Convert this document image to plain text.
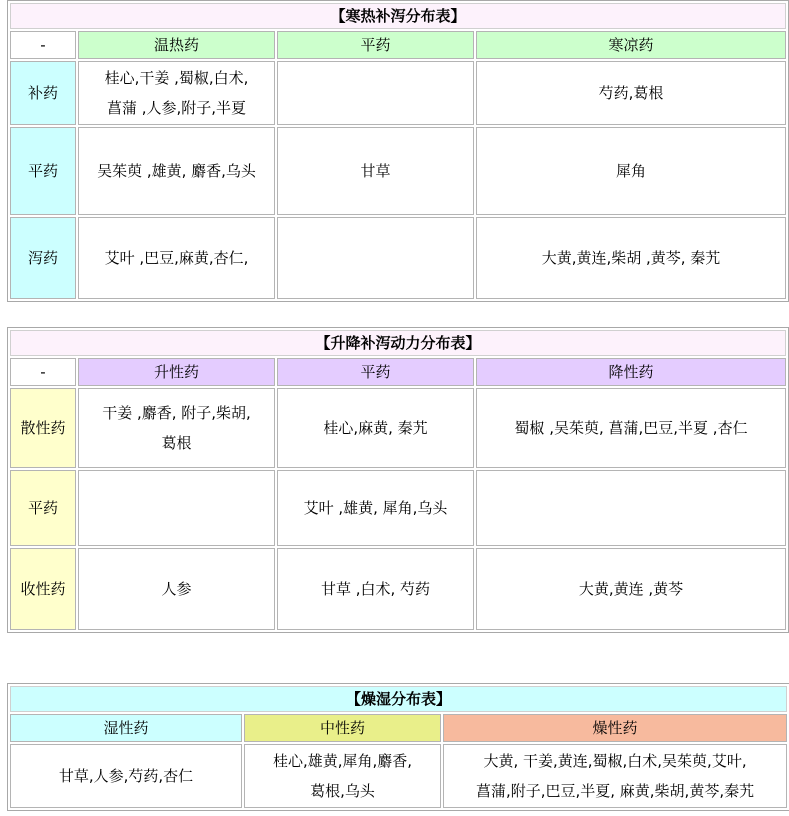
【寒热补泻分布表】			
-	温热药	平药	寒凉药
补药	桂心,干姜 ,蜀椒,白术,
菖蒲 ,人参,附子,半夏		芍药,葛根
平药	吴茱萸 ,雄黄, 麝香,乌头	甘草	犀角
泻药	艾叶 ,巴豆,麻黄,杏仁,		大黄,黄连,柴胡 ,黄芩, 秦艽
【升降补泻动力分布表】			
-	升性药	平药	降性药
散性药	干姜 ,麝香, 附子,柴胡,
葛根	桂心,麻黄, 秦艽	蜀椒 ,吴茱萸, 菖蒲,巴豆,半夏 ,杏仁
平药		艾叶 ,雄黄, 犀角,乌头	
收性药	人参	甘草 ,白术, 芍药	大黄,黄连 ,黄芩
【燥湿分布表】		
湿性药	中性药	燥性药
甘草,人参,芍药,杏仁	桂心,雄黄,犀角,麝香,
葛根,乌头	大黄, 干姜,黄连,蜀椒,白术,吴茱萸,艾叶,
菖蒲,附子,巴豆,半夏, 麻黄,柴胡,黄芩,秦艽
